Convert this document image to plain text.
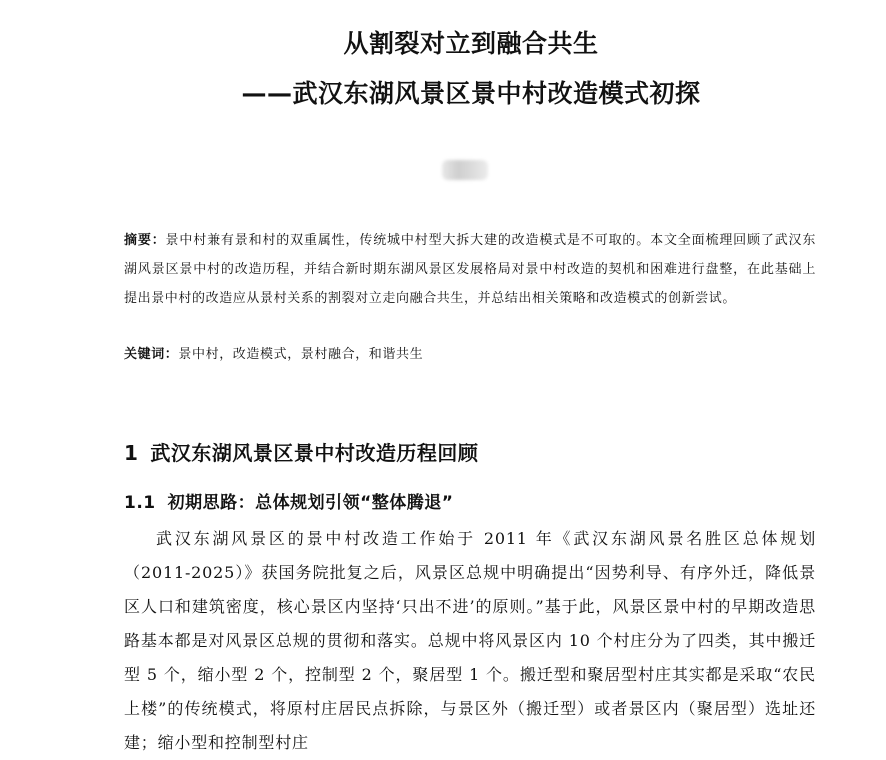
从割裂对立到融合共生
——武汉东湖风景区景中村改造模式初探
摘要：景中村兼有景和村的双重属性，传统城中村型大拆大建的改造模式是不可取的。本文全面梳理回顾了武汉东湖风景区景中村的改造历程，并结合新时期东湖风景区发展格局对景中村改造的契机和困难进行盘整，在此基础上提出景中村的改造应从景村关系的割裂对立走向融合共生，并总结出相关策略和改造模式的创新尝试。
关键词：景中村，改造模式，景村融合，和谐共生
1 武汉东湖风景区景中村改造历程回顾
1.1 初期思路：总体规划引领“整体腾退”
武汉东湖风景区的景中村改造工作始于 2011 年《武汉东湖风景名胜区总体规划（2011-2025）》获国务院批复之后，风景区总规中明确提出“因势利导、有序外迁，降低景区人口和建筑密度，核心景区内坚持‘只出不进’的原则。”基于此，风景区景中村的早期改造思路基本都是对风景区总规的贯彻和落实。总规中将风景区内 10 个村庄分为了四类，其中搬迁型 5 个，缩小型 2 个，控制型 2 个，聚居型 1 个。搬迁型和聚居型村庄其实都是采取“农民上楼”的传统模式，将原村庄居民点拆除，与景区外（搬迁型）或者景区内（聚居型）选址还建；缩小型和控制型村庄
